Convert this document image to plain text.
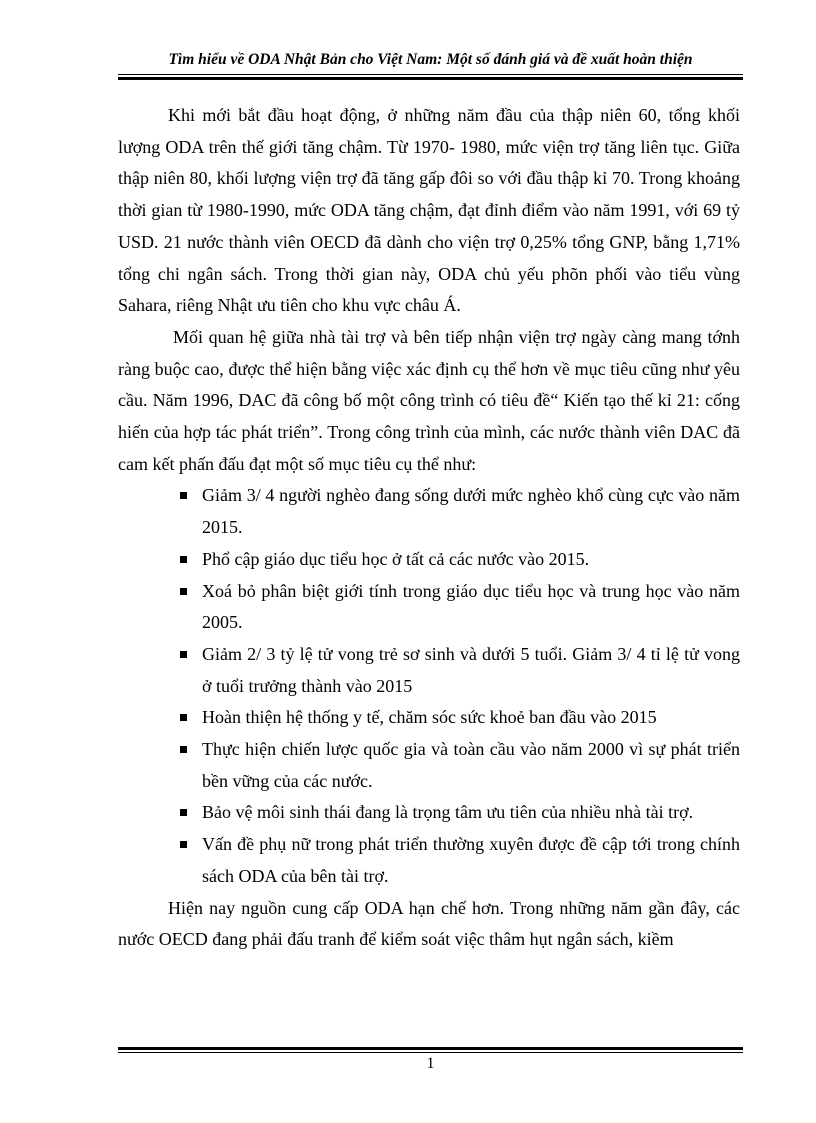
Tìm hiểu về ODA Nhật Bản cho Việt Nam: Một số đánh giá và đề xuất hoàn thiện

Khi mới bắt đầu hoạt động, ở những năm đầu của thập niên 60, tổng khối lượng ODA trên thế giới tăng chậm. Từ 1970- 1980, mức viện trợ tăng liên tục. Giữa thập niên 80, khối lượng viện trợ đã tăng gấp đôi so với đầu thập kỉ 70. Trong khoảng thời gian từ 1980-1990, mức ODA tăng chậm, đạt đỉnh điểm vào năm 1991, với 69 tỷ USD. 21 nước thành viên OECD đã dành cho viện trợ 0,25% tổng GNP, bằng 1,71% tổng chi ngân sách. Trong thời gian này, ODA chủ yếu phõn phối vào tiểu vùng Sahara, riêng Nhật ưu tiên cho khu vực châu Á.

Mối quan hệ giữa nhà tài trợ và bên tiếp nhận viện trợ ngày càng mang tớnh ràng buộc cao, được thể hiện bằng việc xác định cụ thể hơn về mục tiêu cũng như yêu cầu. Năm 1996, DAC đã công bố một công trình có tiêu đề“ Kiến tạo thế kỉ 21: cống hiến của hợp tác phát triển”. Trong công trình của mình, các nước thành viên DAC đã cam kết phấn đấu đạt một số mục tiêu cụ thể như:

Giảm 3/ 4 người nghèo đang sống dưới mức nghèo khổ cùng cực vào năm 2015.
Phổ cập giáo dục tiểu học ở tất cả các nước vào 2015.
Xoá bỏ phân biệt giới tính trong giáo dục tiểu học và trung học vào năm 2005.
Giảm 2/ 3 tỷ lệ tử vong trẻ sơ sinh và dưới 5 tuổi. Giảm 3/ 4 tỉ lệ tử vong ở tuổi trưởng thành vào 2015
Hoàn thiện hệ thống y tế, chăm sóc sức khoẻ ban đầu vào 2015
Thực hiện chiến lược quốc gia và toàn cầu vào năm 2000 vì sự phát triển bền vững của các nước.
Bảo vệ môi sinh thái đang là trọng tâm ưu tiên của nhiều nhà tài trợ.
Vấn đề phụ nữ trong phát triển thường xuyên được đề cập tới trong chính sách ODA của bên tài trợ.

Hiện nay nguồn cung cấp ODA hạn chế hơn. Trong những năm gần đây, các nước OECD đang phải đấu tranh để kiểm soát việc thâm hụt ngân sách, kiềm

1
